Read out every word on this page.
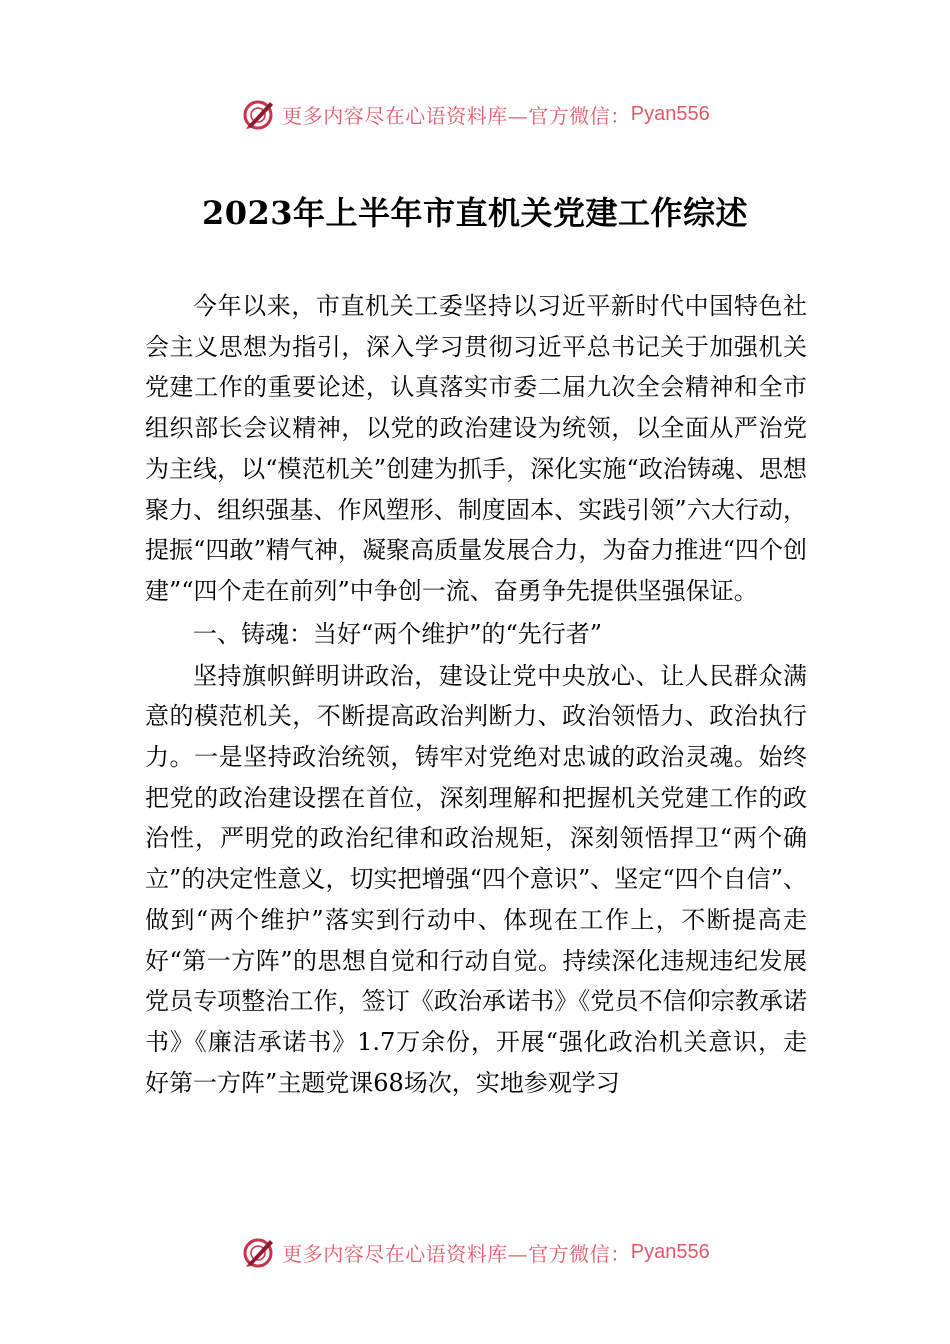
更多内容尽在心语资料库—官方微信： Pyan556
2023年上半年市直机关党建工作综述

今年以来，市直机关工委坚持以习近平新时代中国特色社会主义思想为指引，深入学习贯彻习近平总书记关于加强机关党建工作的重要论述，认真落实市委二届九次全会精神和全市组织部长会议精神，以党的政治建设为统领，以全面从严治党为主线，以“模范机关”创建为抓手，深化实施“政治铸魂、思想聚力、组织强基、作风塑形、制度固本、实践引领”六大行动，提振“四敢”精气神，凝聚高质量发展合力，为奋力推进“四个创建”“四个走在前列”中争创一流、奋勇争先提供坚强保证。

一、铸魂：当好“两个维护”的“先行者”

坚持旗帜鲜明讲政治，建设让党中央放心、让人民群众满意的模范机关，不断提高政治判断力、政治领悟力、政治执行力。一是坚持政治统领，铸牢对党绝对忠诚的政治灵魂。始终把党的政治建设摆在首位，深刻理解和把握机关党建工作的政治性，严明党的政治纪律和政治规矩，深刻领悟捍卫“两个确立”的决定性意义，切实把增强“四个意识”、坚定“四个自信”、做到“两个维护”落实到行动中、体现在工作上，不断提高走好“第一方阵”的思想自觉和行动自觉。持续深化违规违纪发展党员专项整治工作，签订《政治承诺书》《党员不信仰宗教承诺书》《廉洁承诺书》1.7万余份，开展“强化政治机关意识，走好第一方阵”主题党课68场次，实地参观学习

更多内容尽在心语资料库—官方微信： Pyan556
